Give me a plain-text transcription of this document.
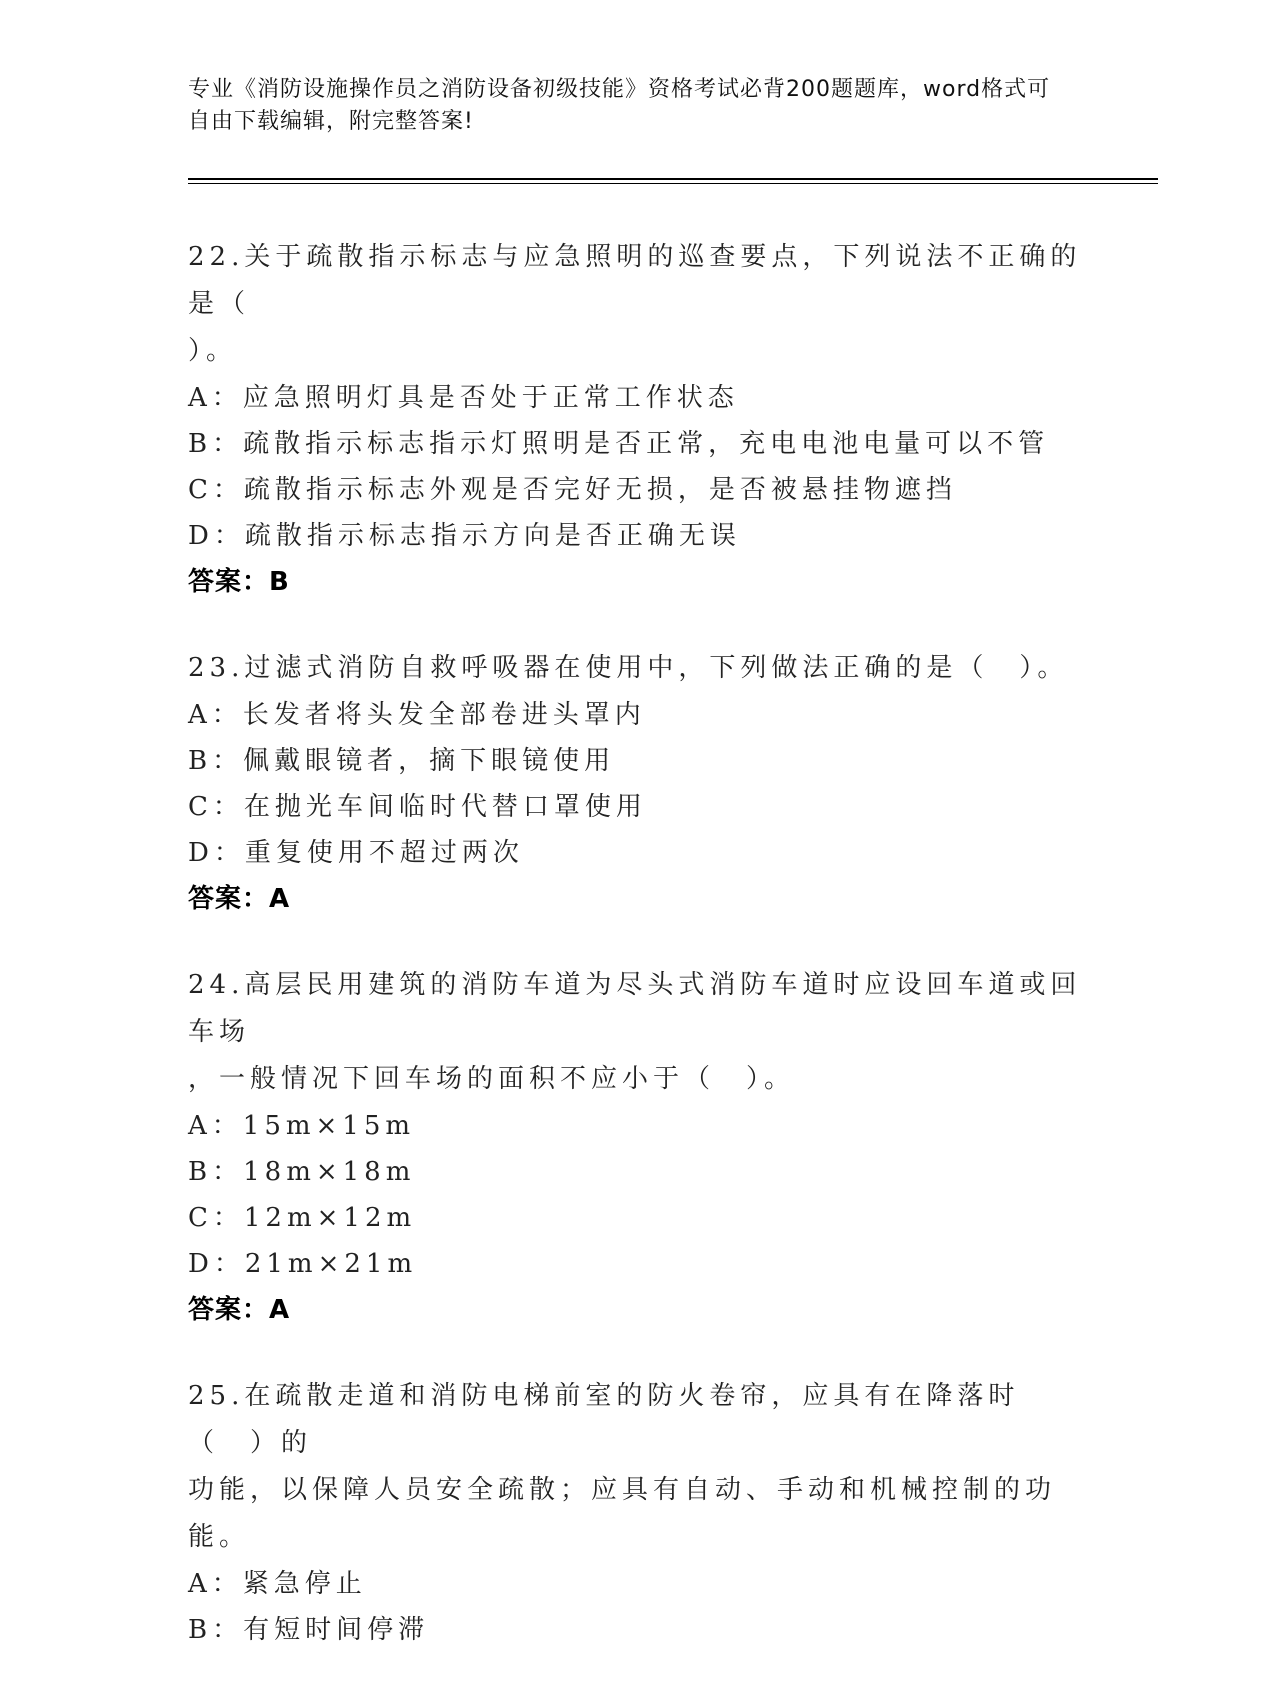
专业《消防设施操作员之消防设备初级技能》资格考试必背200题题库，word格式可自由下载编辑，附完整答案!

22.关于疏散指示标志与应急照明的巡查要点，下列说法不正确的是（

）。

A：应急照明灯具是否处于正常工作状态

B：疏散指示标志指示灯照明是否正常，充电电池电量可以不管

C：疏散指示标志外观是否完好无损，是否被悬挂物遮挡

D：疏散指示标志指示方向是否正确无误

答案：B

23.过滤式消防自救呼吸器在使用中，下列做法正确的是（　）。

A：长发者将头发全部卷进头罩内

B：佩戴眼镜者，摘下眼镜使用

C：在抛光车间临时代替口罩使用

D：重复使用不超过两次

答案：A

24.高层民用建筑的消防车道为尽头式消防车道时应设回车道或回车场

，一般情况下回车场的面积不应小于（　）。

A：15m×15m

B：18m×18m

C：12m×12m

D：21m×21m

答案：A

25.在疏散走道和消防电梯前室的防火卷帘，应具有在降落时（　）的

功能，以保障人员安全疏散；应具有自动、手动和机械控制的功能。

A：紧急停止

B：有短时间停滞
